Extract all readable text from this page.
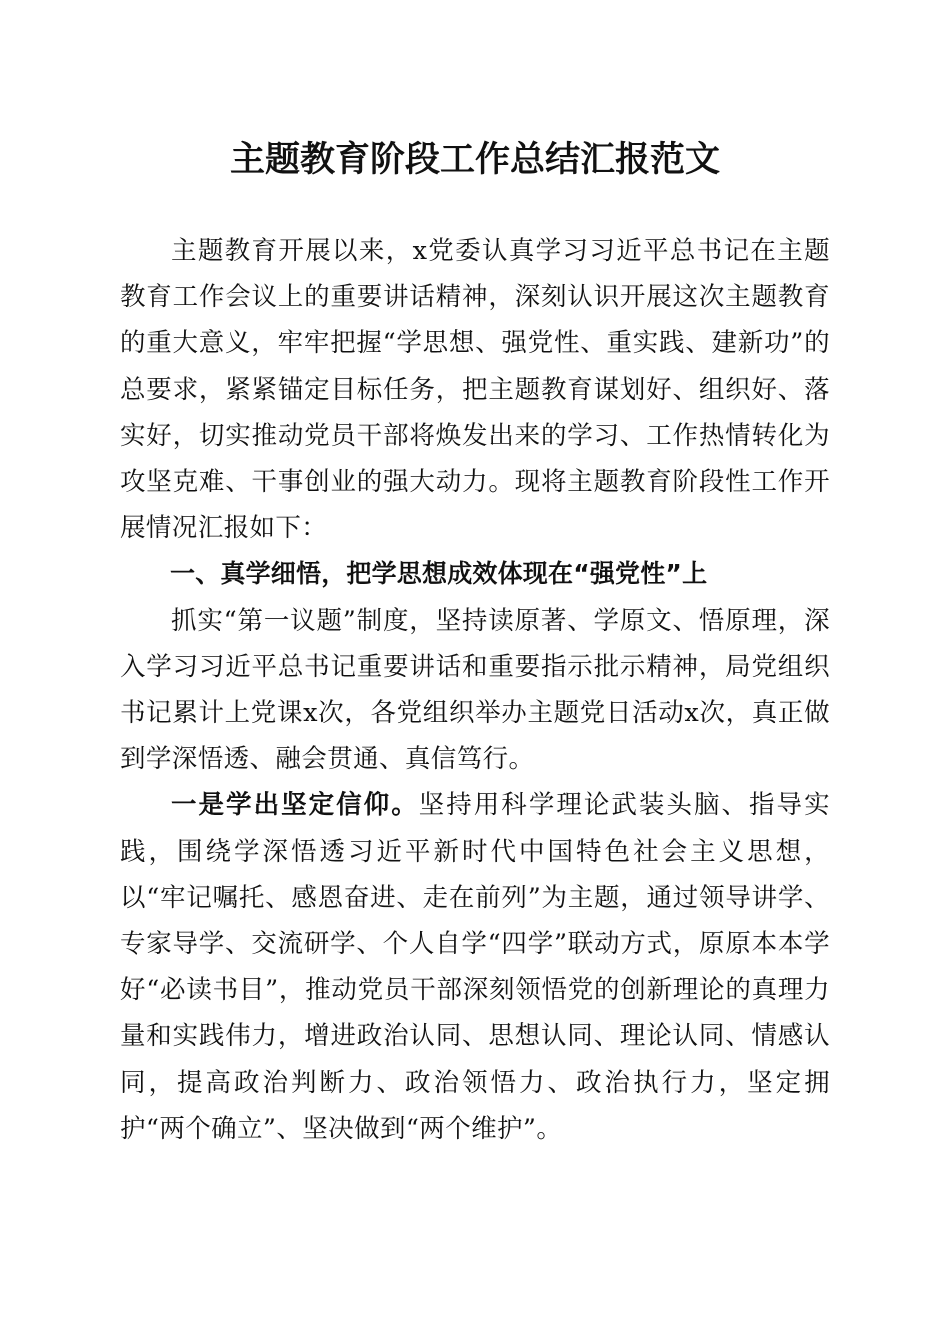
主题教育阶段工作总结汇报范文

主题教育开展以来，x党委认真学习习近平总书记在主题教育工作会议上的重要讲话精神，深刻认识开展这次主题教育的重大意义，牢牢把握“学思想、强党性、重实践、建新功”的总要求，紧紧锚定目标任务，把主题教育谋划好、组织好、落实好，切实推动党员干部将焕发出来的学习、工作热情转化为攻坚克难、干事创业的强大动力。现将主题教育阶段性工作开展情况汇报如下：

一、真学细悟，把学思想成效体现在“强党性”上

抓实“第一议题”制度，坚持读原著、学原文、悟原理，深入学习习近平总书记重要讲话和重要指示批示精神，局党组织书记累计上党课x次，各党组织举办主题党日活动x次，真正做到学深悟透、融会贯通、真信笃行。

一是学出坚定信仰。坚持用科学理论武装头脑、指导实践，围绕学深悟透习近平新时代中国特色社会主义思想，以“牢记嘱托、感恩奋进、走在前列”为主题，通过领导讲学、专家导学、交流研学、个人自学“四学”联动方式，原原本本学好“必读书目”，推动党员干部深刻领悟党的创新理论的真理力量和实践伟力，增进政治认同、思想认同、理论认同、情感认同，提高政治判断力、政治领悟力、政治执行力，坚定拥护“两个确立”、坚决做到“两个维护”。
